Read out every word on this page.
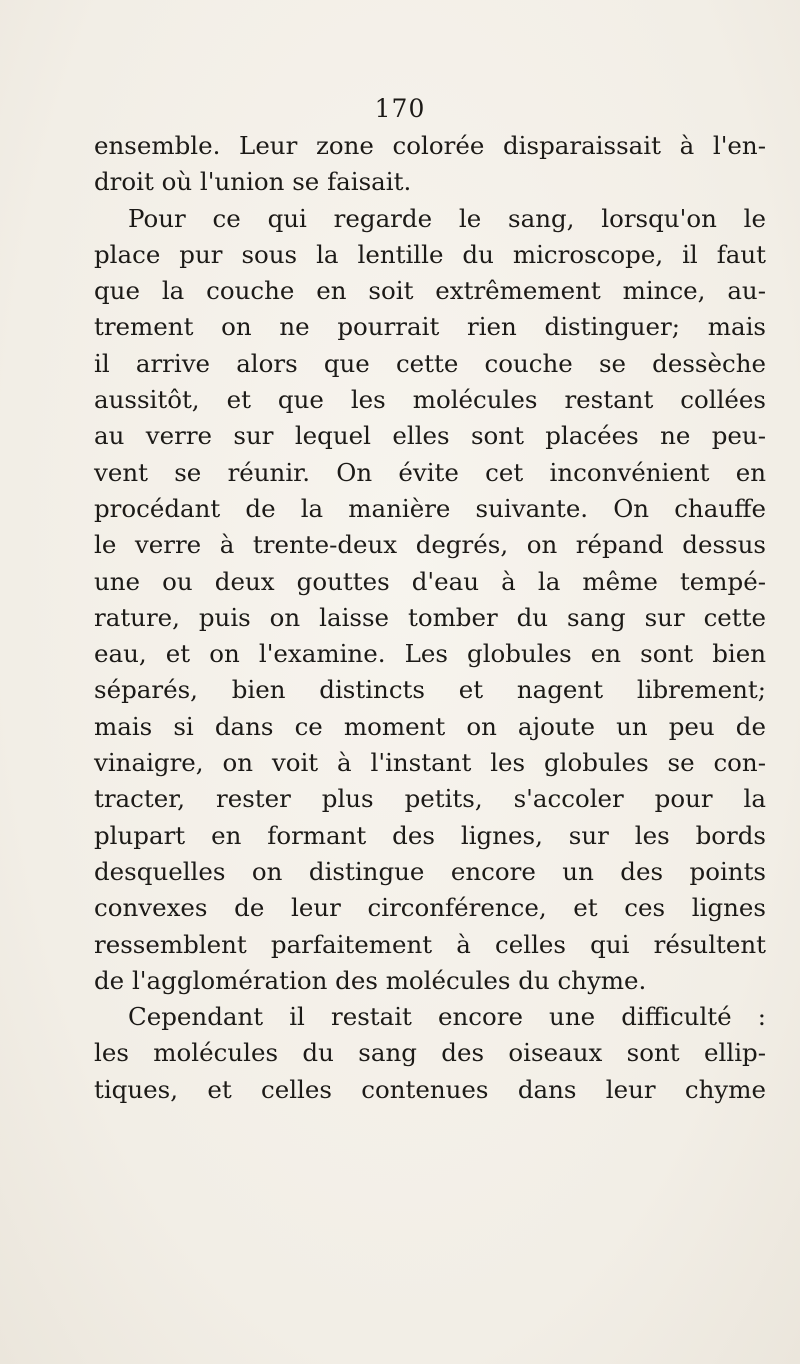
170
ensemble. Leur zone colorée disparaissait à l'en-
droit où l'union se faisait.
Pour ce qui regarde le sang, lorsqu'on le
place pur sous la lentille du microscope, il faut
que la couche en soit extrêmement mince, au-
trement on ne pourrait rien distinguer; mais
il arrive alors que cette couche se dessèche
aussitôt, et que les molécules restant collées
au verre sur lequel elles sont placées ne peu-
vent se réunir. On évite cet inconvénient en
procédant de la manière suivante. On chauffe
le verre à trente-deux degrés, on répand dessus
une ou deux gouttes d'eau à la même tempé-
rature, puis on laisse tomber du sang sur cette
eau, et on l'examine. Les globules en sont bien
séparés, bien distincts et nagent librement;
mais si dans ce moment on ajoute un peu de
vinaigre, on voit à l'instant les globules se con-
tracter, rester plus petits, s'accoler pour la
plupart en formant des lignes, sur les bords
desquelles on distingue encore un des points
convexes de leur circonférence, et ces lignes
ressemblent parfaitement à celles qui résultent
de l'agglomération des molécules du chyme.
Cependant il restait encore une difficulté :
les molécules du sang des oiseaux sont ellip-
tiques, et celles contenues dans leur chyme
